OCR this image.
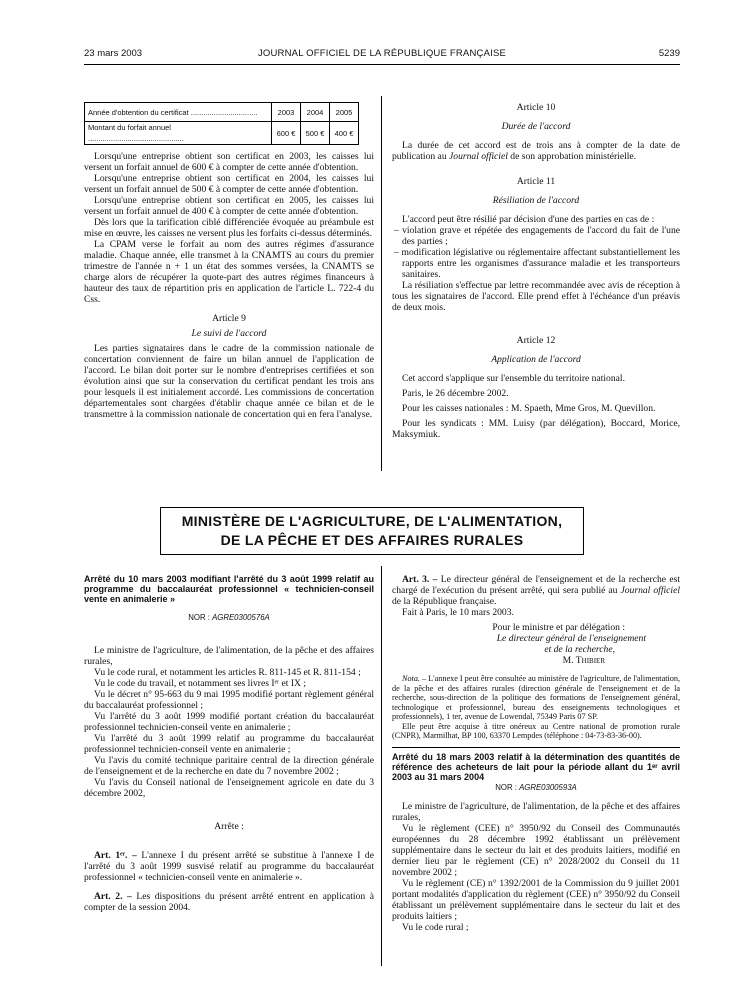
23 mars 2003	JOURNAL OFFICIEL DE LA RÉPUBLIQUE FRANÇAISE	5239
Année d'obtention du certificat ................................	2003	2004	2005
Montant du forfait annuel ..............................................	600 €	500 €	400 €

Lorsqu'une entreprise obtient son certificat en 2003, les caisses lui versent un forfait annuel de 600 € à compter de cette année d'obtention.

Lorsqu'une entreprise obtient son certificat en 2004, les caisses lui versent un forfait annuel de 500 € à compter de cette année d'obtention.

Lorsqu'une entreprise obtient son certificat en 2005, les caisses lui versent un forfait annuel de 400 € à compter de cette année d'obtention.

Dès lors que la tarification ciblé différenciée évoquée au préambule est mise en œuvre, les caisses ne versent plus les forfaits ci-dessus déterminés.

La CPAM verse le forfait au nom des autres régimes d'assurance maladie. Chaque année, elle transmet à la CNAMTS au cours du premier trimestre de l'année n + 1 un état des sommes versées, la CNAMTS se charge alors de récupérer la quote-part des autres régimes financeurs à hauteur des taux de répartition pris en application de l'article L. 722-4 du Css.

Article 9

Le suivi de l'accord

Les parties signataires dans le cadre de la commission nationale de concertation conviennent de faire un bilan annuel de l'application de l'accord. Le bilan doit porter sur le nombre d'entreprises certifiées et son évolution ainsi que sur la conservation du certificat pendant les trois ans pour lesquels il est initialement accordé. Les commissions de concertation départementales sont chargées d'établir chaque année ce bilan et de le transmettre à la commission nationale de concertation qui en fera l'analyse.

Article 10

Durée de l'accord

La durée de cet accord est de trois ans à compter de la date de publication au Journal officiel de son approbation ministérielle.

Article 11

Résiliation de l'accord

L'accord peut être résilié par décision d'une des parties en cas de :

– violation grave et répétée des engagements de l'accord du fait de l'une des parties ;

– modification législative ou réglementaire affectant substantiellement les rapports entre les organismes d'assurance maladie et les transporteurs sanitaires.

La résiliation s'effectue par lettre recommandée avec avis de réception à tous les signataires de l'accord. Elle prend effet à l'échéance d'un préavis de deux mois.

Article 12

Application de l'accord

Cet accord s'applique sur l'ensemble du territoire national.

Paris, le 26 décembre 2002.

Pour les caisses nationales : M. Spaeth, Mme Gros, M. Quevillon.

Pour les syndicats : MM. Luisy (par délégation), Boccard, Morice, Maksymiuk.

MINISTÈRE DE L'AGRICULTURE, DE L'ALIMENTATION,
DE LA PÊCHE ET DES AFFAIRES RURALES

Arrêté du 10 mars 2003 modifiant l'arrêté du 3 août 1999 relatif au programme du baccalauréat professionnel « technicien-conseil vente en animalerie »

NOR : AGRE0300576A

Le ministre de l'agriculture, de l'alimentation, de la pêche et des affaires rurales,

Vu le code rural, et notamment les articles R. 811-145 et R. 811-154 ;

Vu le code du travail, et notamment ses livres Iᵉʳ et IX ;

Vu le décret n° 95-663 du 9 mai 1995 modifié portant règlement général du baccalauréat professionnel ;

Vu l'arrêté du 3 août 1999 modifié portant création du baccalauréat professionnel technicien-conseil vente en animalerie ;

Vu l'arrêté du 3 août 1999 relatif au programme du baccalauréat professionnel technicien-conseil vente en animalerie ;

Vu l'avis du comité technique paritaire central de la direction générale de l'enseignement et de la recherche en date du 7 novembre 2002 ;

Vu l'avis du Conseil national de l'enseignement agricole en date du 3 décembre 2002,

Arrête :

Art. 1ᵉʳ. – L'annexe I du présent arrêté se substitue à l'annexe I de l'arrêté du 3 août 1999 susvisé relatif au programme du baccalauréat professionnel « technicien-conseil vente en animalerie ».

Art. 2. – Les dispositions du présent arrêté entrent en application à compter de la session 2004.

Art. 3. – Le directeur général de l'enseignement et de la recherche est chargé de l'exécution du présent arrêté, qui sera publié au Journal officiel de la République française.

Fait à Paris, le 10 mars 2003.

Pour le ministre et par délégation :

Le directeur général de l'enseignement

et de la recherche,

M. Thibier

Nota. – L'annexe I peut être consultée au ministère de l'agriculture, de l'alimentation, de la pêche et des affaires rurales (direction générale de l'enseignement et de la recherche, sous-direction de la politique des formations de l'enseignement général, technologique et professionnel, bureau des enseignements technologiques et professionnels), 1 ter, avenue de Lowendal, 75349 Paris 07 SP.

Elle peut être acquise à titre onéreux au Centre national de promotion rurale (CNPR), Marmilhat, BP 100, 63370 Lempdes (téléphone : 04-73-83-36-00).

Arrêté du 18 mars 2003 relatif à la détermination des quantités de référence des acheteurs de lait pour la période allant du 1ᵉʳ avril 2003 au 31 mars 2004

NOR : AGRE0300593A

Le ministre de l'agriculture, de l'alimentation, de la pêche et des affaires rurales,

Vu le règlement (CEE) n° 3950/92 du Conseil des Communautés européennes du 28 décembre 1992 établissant un prélèvement supplémentaire dans le secteur du lait et des produits laitiers, modifié en dernier lieu par le règlement (CE) n° 2028/2002 du Conseil du 11 novembre 2002 ;

Vu le règlement (CE) n° 1392/2001 de la Commission du 9 juillet 2001 portant modalités d'application du règlement (CEE) n° 3950/92 du Conseil établissant un prélèvement supplémentaire dans le secteur du lait et des produits laitiers ;

Vu le code rural ;
